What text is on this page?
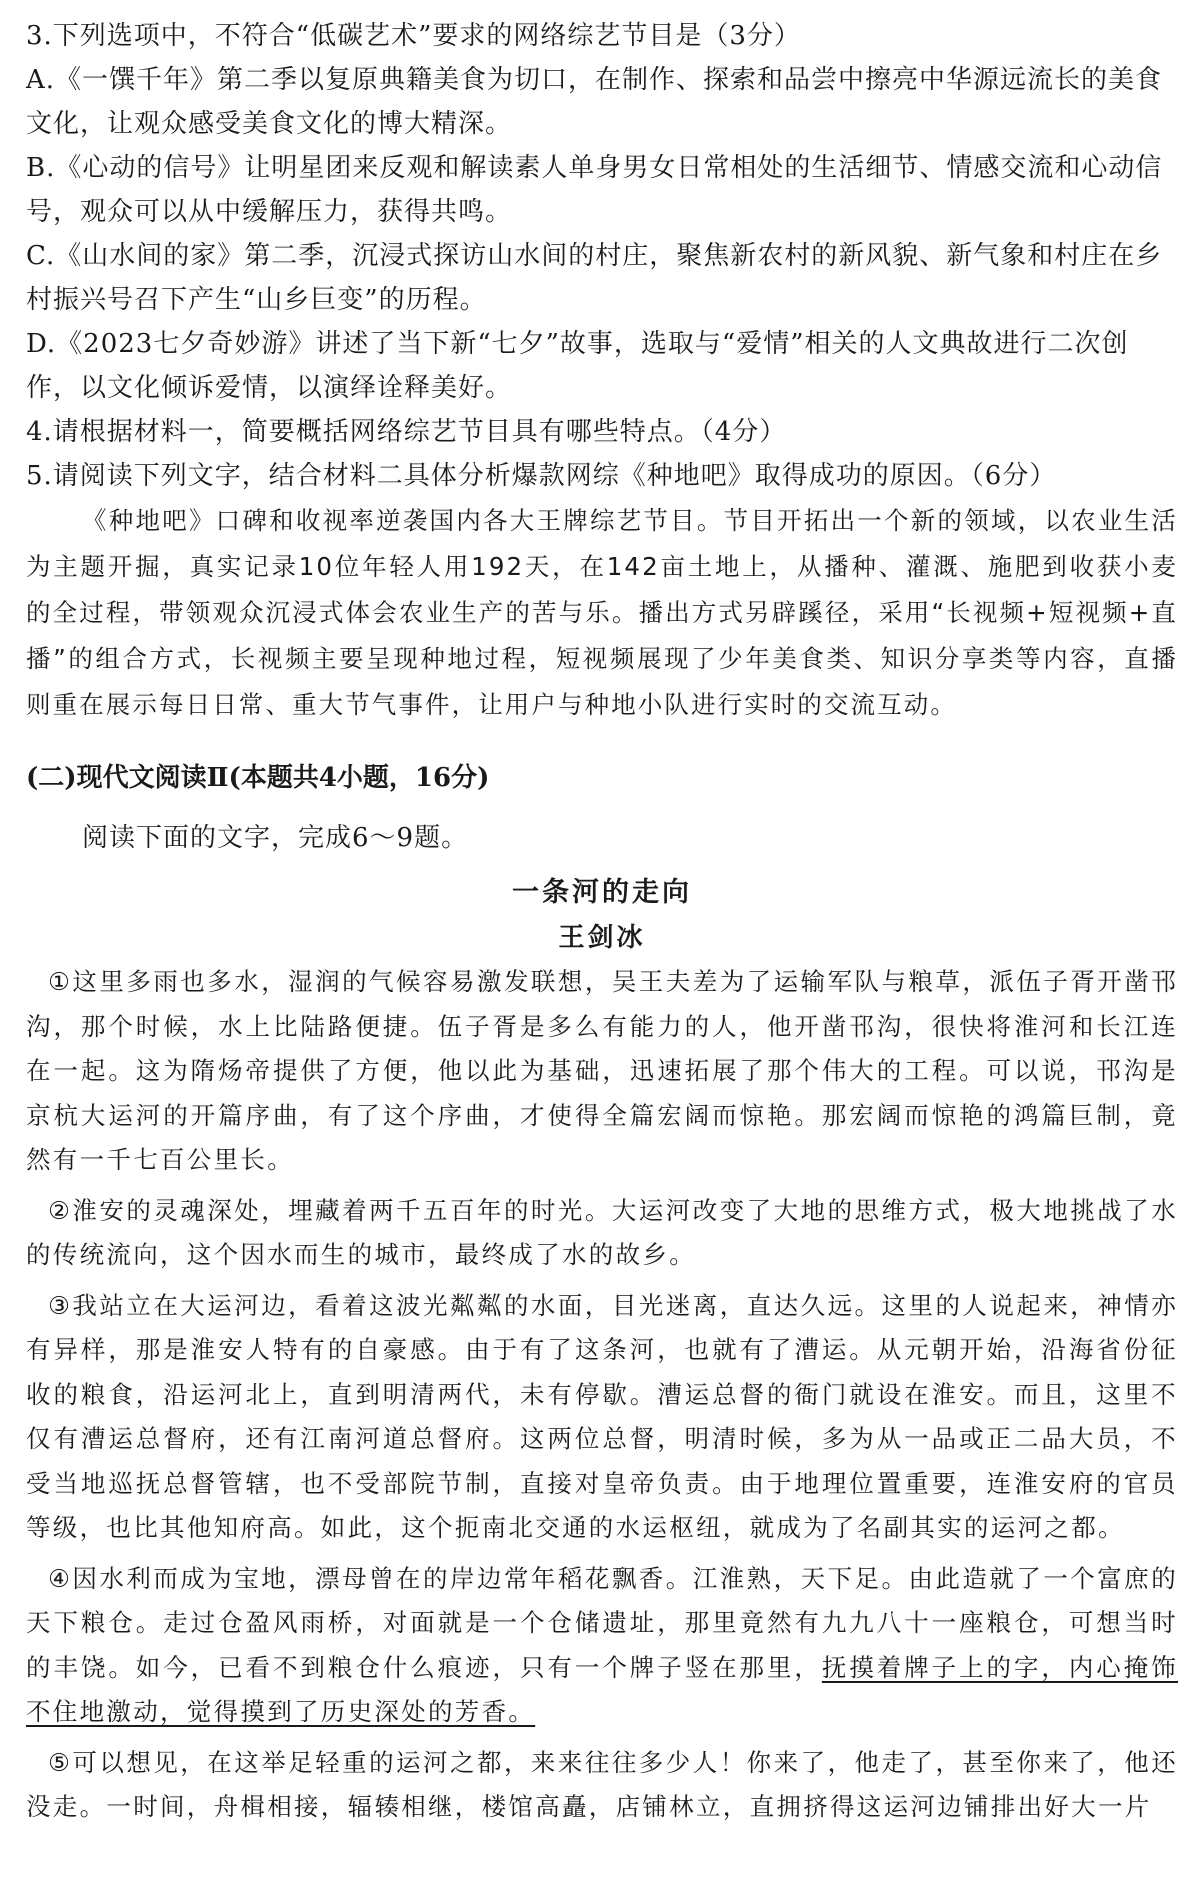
3.下列选项中，不符合“低碳艺术”要求的网络综艺节目是（3分）

A.《一馔千年》第二季以复原典籍美食为切口，在制作、探索和品尝中擦亮中华源远流长的美食文化，让观众感受美食文化的博大精深。

B.《心动的信号》让明星团来反观和解读素人单身男女日常相处的生活细节、情感交流和心动信号，观众可以从中缓解压力，获得共鸣。

C.《山水间的家》第二季，沉浸式探访山水间的村庄，聚焦新农村的新风貌、新气象和村庄在乡村振兴号召下产生“山乡巨变”的历程。

D.《2023七夕奇妙游》讲述了当下新“七夕”故事，选取与“爱情”相关的人文典故进行二次创作，以文化倾诉爱情，以演绎诠释美好。

4.请根据材料一，简要概括网络综艺节目具有哪些特点。（4分）
5.请阅读下列文字，结合材料二具体分析爆款网综《种地吧》取得成功的原因。（6分）

《种地吧》口碑和收视率逆袭国内各大王牌综艺节目。节目开拓出一个新的领域，以农业生活为主题开掘，真实记录10位年轻人用192天，在142亩土地上，从播种、灌溉、施肥到收获小麦的全过程，带领观众沉浸式体会农业生产的苦与乐。播出方式另辟蹊径，采用“长视频+短视频+直播”的组合方式，长视频主要呈现种地过程，短视频展现了少年美食类、知识分享类等内容，直播则重在展示每日日常、重大节气事件，让用户与种地小队进行实时的交流互动。

(二)现代文阅读Ⅱ(本题共4小题，16分)
阅读下面的文字，完成6～9题。
一条河的走向
王剑冰

①这里多雨也多水，湿润的气候容易激发联想，吴王夫差为了运输军队与粮草，派伍子胥开凿邗沟，那个时候，水上比陆路便捷。伍子胥是多么有能力的人，他开凿邗沟，很快将淮河和长江连在一起。这为隋炀帝提供了方便，他以此为基础，迅速拓展了那个伟大的工程。可以说，邗沟是京杭大运河的开篇序曲，有了这个序曲，才使得全篇宏阔而惊艳。那宏阔而惊艳的鸿篇巨制，竟然有一千七百公里长。

②淮安的灵魂深处，埋藏着两千五百年的时光。大运河改变了大地的思维方式，极大地挑战了水的传统流向，这个因水而生的城市，最终成了水的故乡。

③我站立在大运河边，看着这波光粼粼的水面，目光迷离，直达久远。这里的人说起来，神情亦有异样，那是淮安人特有的自豪感。由于有了这条河，也就有了漕运。从元朝开始，沿海省份征收的粮食，沿运河北上，直到明清两代，未有停歇。漕运总督的衙门就设在淮安。而且，这里不仅有漕运总督府，还有江南河道总督府。这两位总督，明清时候，多为从一品或正二品大员，不受当地巡抚总督管辖，也不受部院节制，直接对皇帝负责。由于地理位置重要，连淮安府的官员等级，也比其他知府高。如此，这个扼南北交通的水运枢纽，就成为了名副其实的运河之都。

④因水利而成为宝地，漂母曾在的岸边常年稻花飘香。江淮熟，天下足。由此造就了一个富庶的天下粮仓。走过仓盈风雨桥，对面就是一个仓储遗址，那里竟然有九九八十一座粮仓，可想当时的丰饶。如今，已看不到粮仓什么痕迹，只有一个牌子竖在那里，抚摸着牌子上的字，内心掩饰不住地激动，觉得摸到了历史深处的芳香。

⑤可以想见，在这举足轻重的运河之都，来来往往多少人！你来了，他走了，甚至你来了，他还没走。一时间，舟楫相接，辐辏相继，楼馆高矗，店铺林立，直拥挤得这运河边铺排出好大一片
